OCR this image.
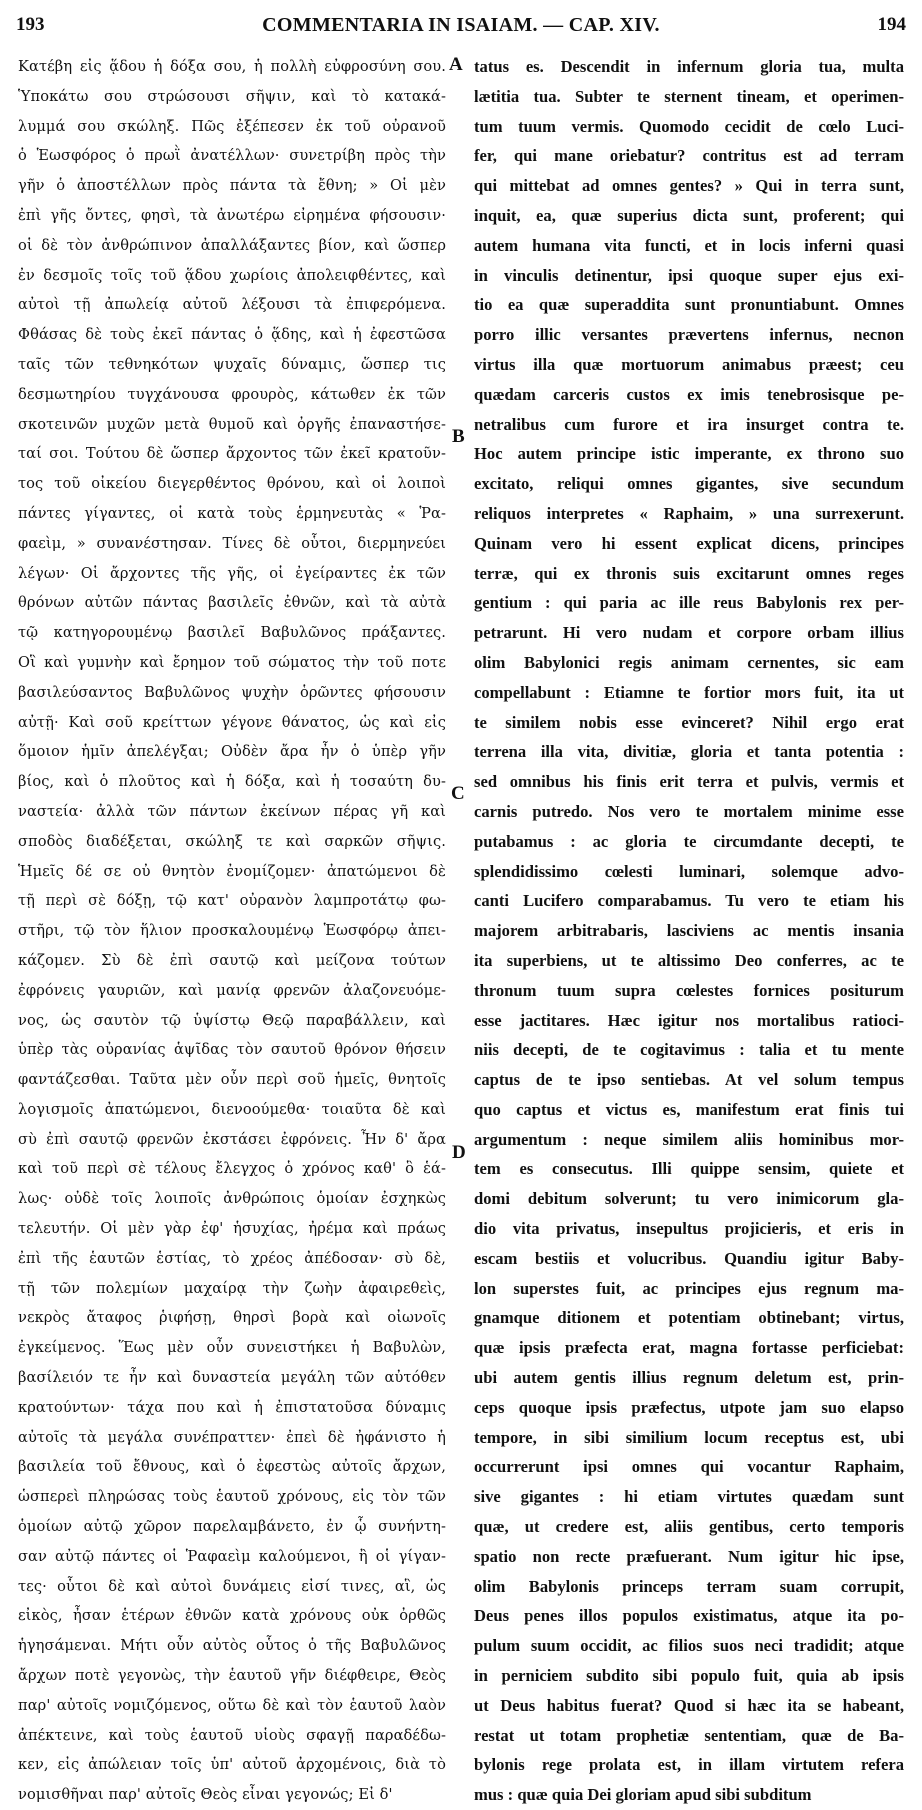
193	COMMENTARIA IN ISAIAM. — CAP. XIV.	194
Κατέβη εἰς ᾅδου ἡ δόξα σου, ἡ πολλὴ εὐφροσύνη σου.
Ὑποκάτω σου στρώσουσι σῆψιν, καὶ τὸ κατακά-
λυμμά σου σκώληξ. Πῶς ἐξέπεσεν ἐκ τοῦ οὐρανοῦ
ὁ Ἑωσφόρος ὁ πρωῒ ἀνατέλλων· συνετρίβη πρὸς τὴν
γῆν ὁ ἀποστέλλων πρὸς πάντα τὰ ἔθνη; » Οἱ μὲν
ἐπὶ γῆς ὄντες, φησὶ, τὰ ἀνωτέρω εἰρημένα φήσουσιν·
οἱ δὲ τὸν ἀνθρώπινον ἀπαλλάξαντες βίον, καὶ ὥσπερ
ἐν δεσμοῖς τοῖς τοῦ ᾅδου χωρίοις ἀπολειφθέντες, καὶ
αὐτοὶ τῇ ἀπωλείᾳ αὐτοῦ λέξουσι τὰ ἐπιφερόμενα.
Φθάσας δὲ τοὺς ἐκεῖ πάντας ὁ ᾅδης, καὶ ἡ ἐφεστῶσα
ταῖς τῶν τεθνηκότων ψυχαῖς δύναμις, ὥσπερ τις
δεσμωτηρίου τυγχάνουσα φρουρὸς, κάτωθεν ἐκ τῶν
σκοτεινῶν μυχῶν μετὰ θυμοῦ καὶ ὀργῆς ἐπαναστήσε-
ταί σοι. Τούτου δὲ ὥσπερ ἄρχοντος τῶν ἐκεῖ κρατοῦν-
τος τοῦ οἰκείου διεγερθέντος θρόνου, καὶ οἱ λοιποὶ
πάντες γίγαντες, οἱ κατὰ τοὺς ἑρμηνευτὰς « Ῥα-
φαεὶμ, » συνανέστησαν. Τίνες δὲ οὗτοι, διερμηνεύει
λέγων· Οἱ ἄρχοντες τῆς γῆς, οἱ ἐγείραντες ἐκ τῶν
θρόνων αὐτῶν πάντας βασιλεῖς ἐθνῶν, καὶ τὰ αὐτὰ
τῷ κατηγορουμένῳ βασιλεῖ Βαβυλῶνος πράξαντες.
Οἳ καὶ γυμνὴν καὶ ἔρημον τοῦ σώματος τὴν τοῦ ποτε
βασιλεύσαντος Βαβυλῶνος ψυχὴν ὁρῶντες φήσουσιν
αὐτῇ· Καὶ σοῦ κρείττων γέγονε θάνατος, ὡς καὶ εἰς
ὅμοιον ἡμῖν ἀπελέγξαι; Οὐδὲν ἄρα ἦν ὁ ὑπὲρ γῆν
βίος, καὶ ὁ πλοῦτος καὶ ἡ δόξα, καὶ ἡ τοσαύτη δυ-
ναστεία· ἀλλὰ τῶν πάντων ἐκείνων πέρας γῆ καὶ
σποδὸς διαδέξεται, σκώληξ τε καὶ σαρκῶν σῆψις.
Ἡμεῖς δέ σε οὐ θνητὸν ἐνομίζομεν· ἀπατώμενοι δὲ
τῇ περὶ σὲ δόξῃ, τῷ κατ' οὐρανὸν λαμπροτάτῳ φω-
στῆρι, τῷ τὸν ἥλιον προσκαλουμένῳ Ἑωσφόρῳ ἀπει-
κάζομεν. Σὺ δὲ ἐπὶ σαυτῷ καὶ μείζονα τούτων
ἐφρόνεις γαυριῶν, καὶ μανίᾳ φρενῶν ἀλαζονευόμε-
νος, ὡς σαυτὸν τῷ ὑψίστῳ Θεῷ παραβάλλειν, καὶ
ὑπὲρ τὰς οὐρανίας ἁψῖδας τὸν σαυτοῦ θρόνον θήσειν
φαντάζεσθαι. Ταῦτα μὲν οὖν περὶ σοῦ ἡμεῖς, θνητοῖς
λογισμοῖς ἀπατώμενοι, διενοούμεθα· τοιαῦτα δὲ καὶ
σὺ ἐπὶ σαυτῷ φρενῶν ἐκστάσει ἐφρόνεις. Ἦν δ' ἄρα
καὶ τοῦ περὶ σὲ τέλους ἔλεγχος ὁ χρόνος καθ' ὃ ἑά-
λως· οὐδὲ τοῖς λοιποῖς ἀνθρώποις ὁμοίαν ἐσχηκὼς
τελευτήν. Οἱ μὲν γὰρ ἐφ' ἡσυχίας, ἠρέμα καὶ πράως
ἐπὶ τῆς ἑαυτῶν ἑστίας, τὸ χρέος ἀπέδοσαν· σὺ δὲ,
τῇ τῶν πολεμίων μαχαίρᾳ τὴν ζωὴν ἀφαιρεθεὶς,
νεκρὸς ἄταφος ῥιφήσῃ, θηρσὶ βορὰ καὶ οἰωνοῖς
ἐγκείμενος. Ἕως μὲν οὖν συνειστήκει ἡ Βαβυλὼν,
βασίλειόν τε ἦν καὶ δυναστεία μεγάλη τῶν αὐτόθεν
κρατούντων· τάχα που καὶ ἡ ἐπιστατοῦσα δύναμις
αὐτοῖς τὰ μεγάλα συνέπραττεν· ἐπεὶ δὲ ἠφάνιστο ἡ
βασιλεία τοῦ ἔθνους, καὶ ὁ ἐφεστὼς αὐτοῖς ἄρχων,
ὡσπερεὶ πληρώσας τοὺς ἑαυτοῦ χρόνους, εἰς τὸν τῶν
ὁμοίων αὐτῷ χῶρον παρελαμβάνετο, ἐν ᾧ συνήντη-
σαν αὐτῷ πάντες οἱ Ῥαφαεὶμ καλούμενοι, ἢ οἱ γίγαν-
τες· οὗτοι δὲ καὶ αὐτοὶ δυνάμεις εἰσί τινες, αἳ, ὡς
εἰκὸς, ἦσαν ἑτέρων ἐθνῶν κατὰ χρόνους οὐκ ὀρθῶς
ἡγησάμεναι. Μήτι οὖν αὐτὸς οὗτος ὁ τῆς Βαβυλῶνος
ἄρχων ποτὲ γεγονὼς, τὴν ἑαυτοῦ γῆν διέφθειρε, Θεὸς
παρ' αὐτοῖς νομιζόμενος, οὕτω δὲ καὶ τὸν ἑαυτοῦ λαὸν
ἀπέκτεινε, καὶ τοὺς ἑαυτοῦ υἱοὺς σφαγῇ παραδέδω-
κεν, εἰς ἀπώλειαν τοῖς ὑπ' αὐτοῦ ἀρχομένοις, διὰ τὸ
νομισθῆναι παρ' αὐτοῖς Θεὸς εἶναι γεγονώς; Εἰ δ'
A
B
C
D
tatus es. Descendit in infernum gloria tua, multa
lætitia tua. Subter te sternent tineam, et operimen-
tum tuum vermis. Quomodo cecidit de cœlo Luci-
fer, qui mane oriebatur? contritus est ad terram
qui mittebat ad omnes gentes? » Qui in terra sunt,
inquit, ea, quæ superius dicta sunt, proferent; qui
autem humana vita functi, et in locis inferni quasi
in vinculis detinentur, ipsi quoque super ejus exi-
tio ea quæ superaddita sunt pronuntiabunt. Omnes
porro illic versantes prævertens infernus, necnon
virtus illa quæ mortuorum animabus præest; ceu
quædam carceris custos ex imis tenebrosisque pe-
netralibus cum furore et ira insurget contra te.
Hoc autem principe istic imperante, ex throno suo
excitato, reliqui omnes gigantes, sive secundum
reliquos interpretes « Raphaim, » una surrexerunt.
Quinam vero hi essent explicat dicens, principes
terræ, qui ex thronis suis excitarunt omnes reges
gentium : qui paria ac ille reus Babylonis rex per-
petrarunt. Hi vero nudam et corpore orbam illius
olim Babylonici regis animam cernentes, sic eam
compellabunt : Etiamne te fortior mors fuit, ita ut
te similem nobis esse evinceret? Nihil ergo erat
terrena illa vita, divitiæ, gloria et tanta potentia :
sed omnibus his finis erit terra et pulvis, vermis et
carnis putredo. Nos vero te mortalem minime esse
putabamus : ac gloria te circumdante decepti, te
splendidissimo cœlesti luminari, solemque advo-
canti Lucifero comparabamus. Tu vero te etiam his
majorem arbitrabaris, lasciviens ac mentis insania
ita superbiens, ut te altissimo Deo conferres, ac te
thronum tuum supra cœlestes fornices positurum
esse jactitares. Hæc igitur nos mortalibus ratioci-
niis decepti, de te cogitavimus : talia et tu mente
captus de te ipso sentiebas. At vel solum tempus
quo captus et victus es, manifestum erat finis tui
argumentum : neque similem aliis hominibus mor-
tem es consecutus. Illi quippe sensim, quiete et
domi debitum solverunt; tu vero inimicorum gla-
dio vita privatus, insepultus projicieris, et eris in
escam bestiis et volucribus. Quandiu igitur Baby-
lon superstes fuit, ac principes ejus regnum ma-
gnamque ditionem et potentiam obtinebant; virtus,
quæ ipsis præfecta erat, magna fortasse perficiebat:
ubi autem gentis illius regnum deletum est, prin-
ceps quoque ipsis præfectus, utpote jam suo elapso
tempore, in sibi similium locum receptus est, ubi
occurrerunt ipsi omnes qui vocantur Raphaim,
sive gigantes : hi etiam virtutes quædam sunt
quæ, ut credere est, aliis gentibus, certo temporis
spatio non recte præfuerant. Num igitur hic ipse,
olim Babylonis princeps terram suam corrupit,
Deus penes illos populos existimatus, atque ita po-
pulum suum occidit, ac filios suos neci tradidit; atque
in perniciem subdito sibi populo fuit, quia ab ipsis
ut Deus habitus fuerat? Quod si hæc ita se habeant,
restat ut totam prophetiæ sententiam, quæ de Ba-
bylonis rege prolata est, in illam virtutem refera
mus : quæ quia Dei gloriam apud sibi subditum
